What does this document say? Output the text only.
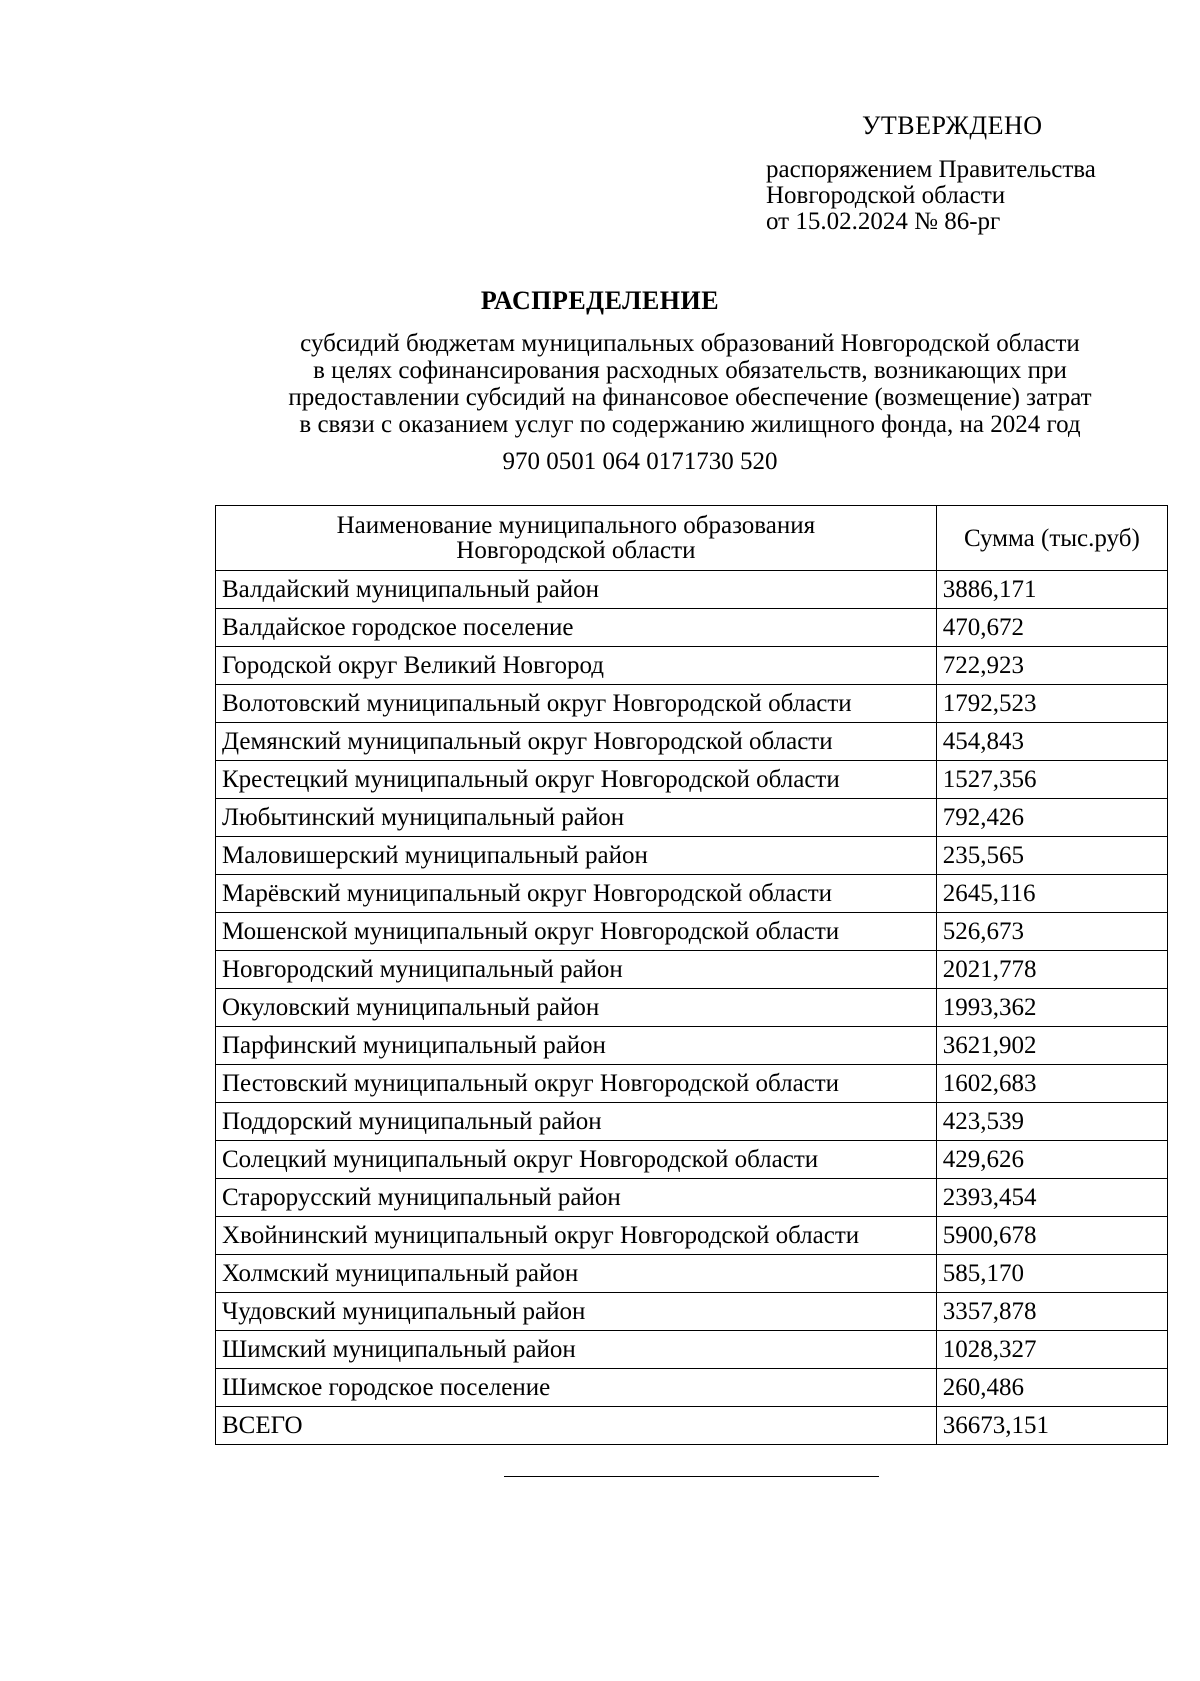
УТВЕРЖДЕНО
распоряжением Правительства
Новгородской области
от 15.02.2024 № 86-рг
РАСПРЕДЕЛЕНИЕ
субсидий бюджетам муниципальных образований Новгородской области
в целях софинансирования расходных обязательств, возникающих при
предоставлении субсидий на финансовое обеспечение (возмещение) затрат
в связи с оказанием услуг по содержанию жилищного фонда, на 2024 год
970 0501 064 0171730 520
Наименование муниципального образования
Новгородской области	Сумма (тыс.руб)
Валдайский муниципальный район	3886,171
Валдайское городское поселение	470,672
Городской округ Великий Новгород	722,923
Волотовский муниципальный округ Новгородской области	1792,523
Демянский муниципальный округ Новгородской области	454,843
Крестецкий муниципальный округ Новгородской области	1527,356
Любытинский муниципальный район	792,426
Маловишерский муниципальный район	235,565
Марёвский муниципальный округ Новгородской области	2645,116
Мошенской муниципальный округ Новгородской области	526,673
Новгородский муниципальный район	2021,778
Окуловский муниципальный район	1993,362
Парфинский муниципальный район	3621,902
Пестовский муниципальный округ Новгородской области	1602,683
Поддорский муниципальный район	423,539
Солецкий муниципальный округ Новгородской области	429,626
Старорусский муниципальный район	2393,454
Хвойнинский муниципальный округ Новгородской области	5900,678
Холмский муниципальный район	585,170
Чудовский муниципальный район	3357,878
Шимский муниципальный район	1028,327
Шимское городское поселение	260,486
ВСЕГО	36673,151
